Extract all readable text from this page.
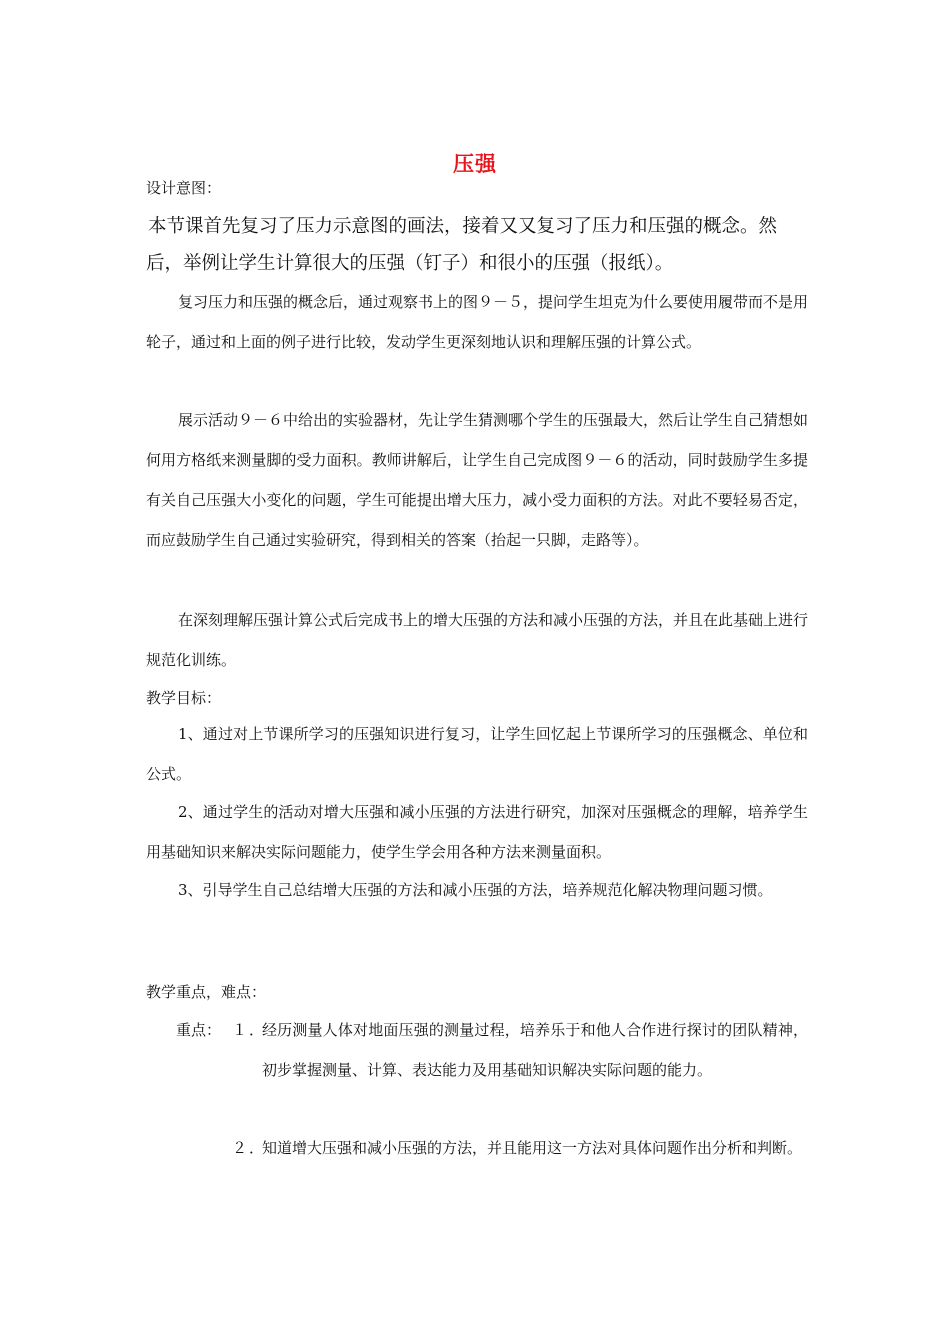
压强
设计意图：
本节课首先复习了压力示意图的画法，接着又又复习了压力和压强的概念。然后，举例让学生计算很大的压强（钉子）和很小的压强（报纸）。
复习压力和压强的概念后，通过观察书上的图９－５，提问学生坦克为什么要使用履带而不是用轮子，通过和上面的例子进行比较，发动学生更深刻地认识和理解压强的计算公式。
展示活动９－６中给出的实验器材，先让学生猜测哪个学生的压强最大，然后让学生自己猜想如何用方格纸来测量脚的受力面积。教师讲解后，让学生自己完成图９－６的活动，同时鼓励学生多提有关自己压强大小变化的问题，学生可能提出增大压力，减小受力面积的方法。对此不要轻易否定，而应鼓励学生自己通过实验研究，得到相关的答案（抬起一只脚，走路等）。
在深刻理解压强计算公式后完成书上的增大压强的方法和减小压强的方法，并且在此基础上进行规范化训练。
教学目标：
1、通过对上节课所学习的压强知识进行复习，让学生回忆起上节课所学习的压强概念、单位和公式。
2、通过学生的活动对增大压强和减小压强的方法进行研究，加深对压强概念的理解，培养学生用基础知识来解决实际问题能力，使学生学会用各种方法来测量面积。
3、引导学生自己总结增大压强的方法和减小压强的方法，培养规范化解决物理问题习惯。
教学重点，难点：
重点： １．
经历测量人体对地面压强的测量过程，培养乐于和他人合作进行探讨的团队精神，初步掌握测量、计算、表达能力及用基础知识解决实际问题的能力。
２．
知道增大压强和减小压强的方法，并且能用这一方法对具体问题作出分析和判断。
